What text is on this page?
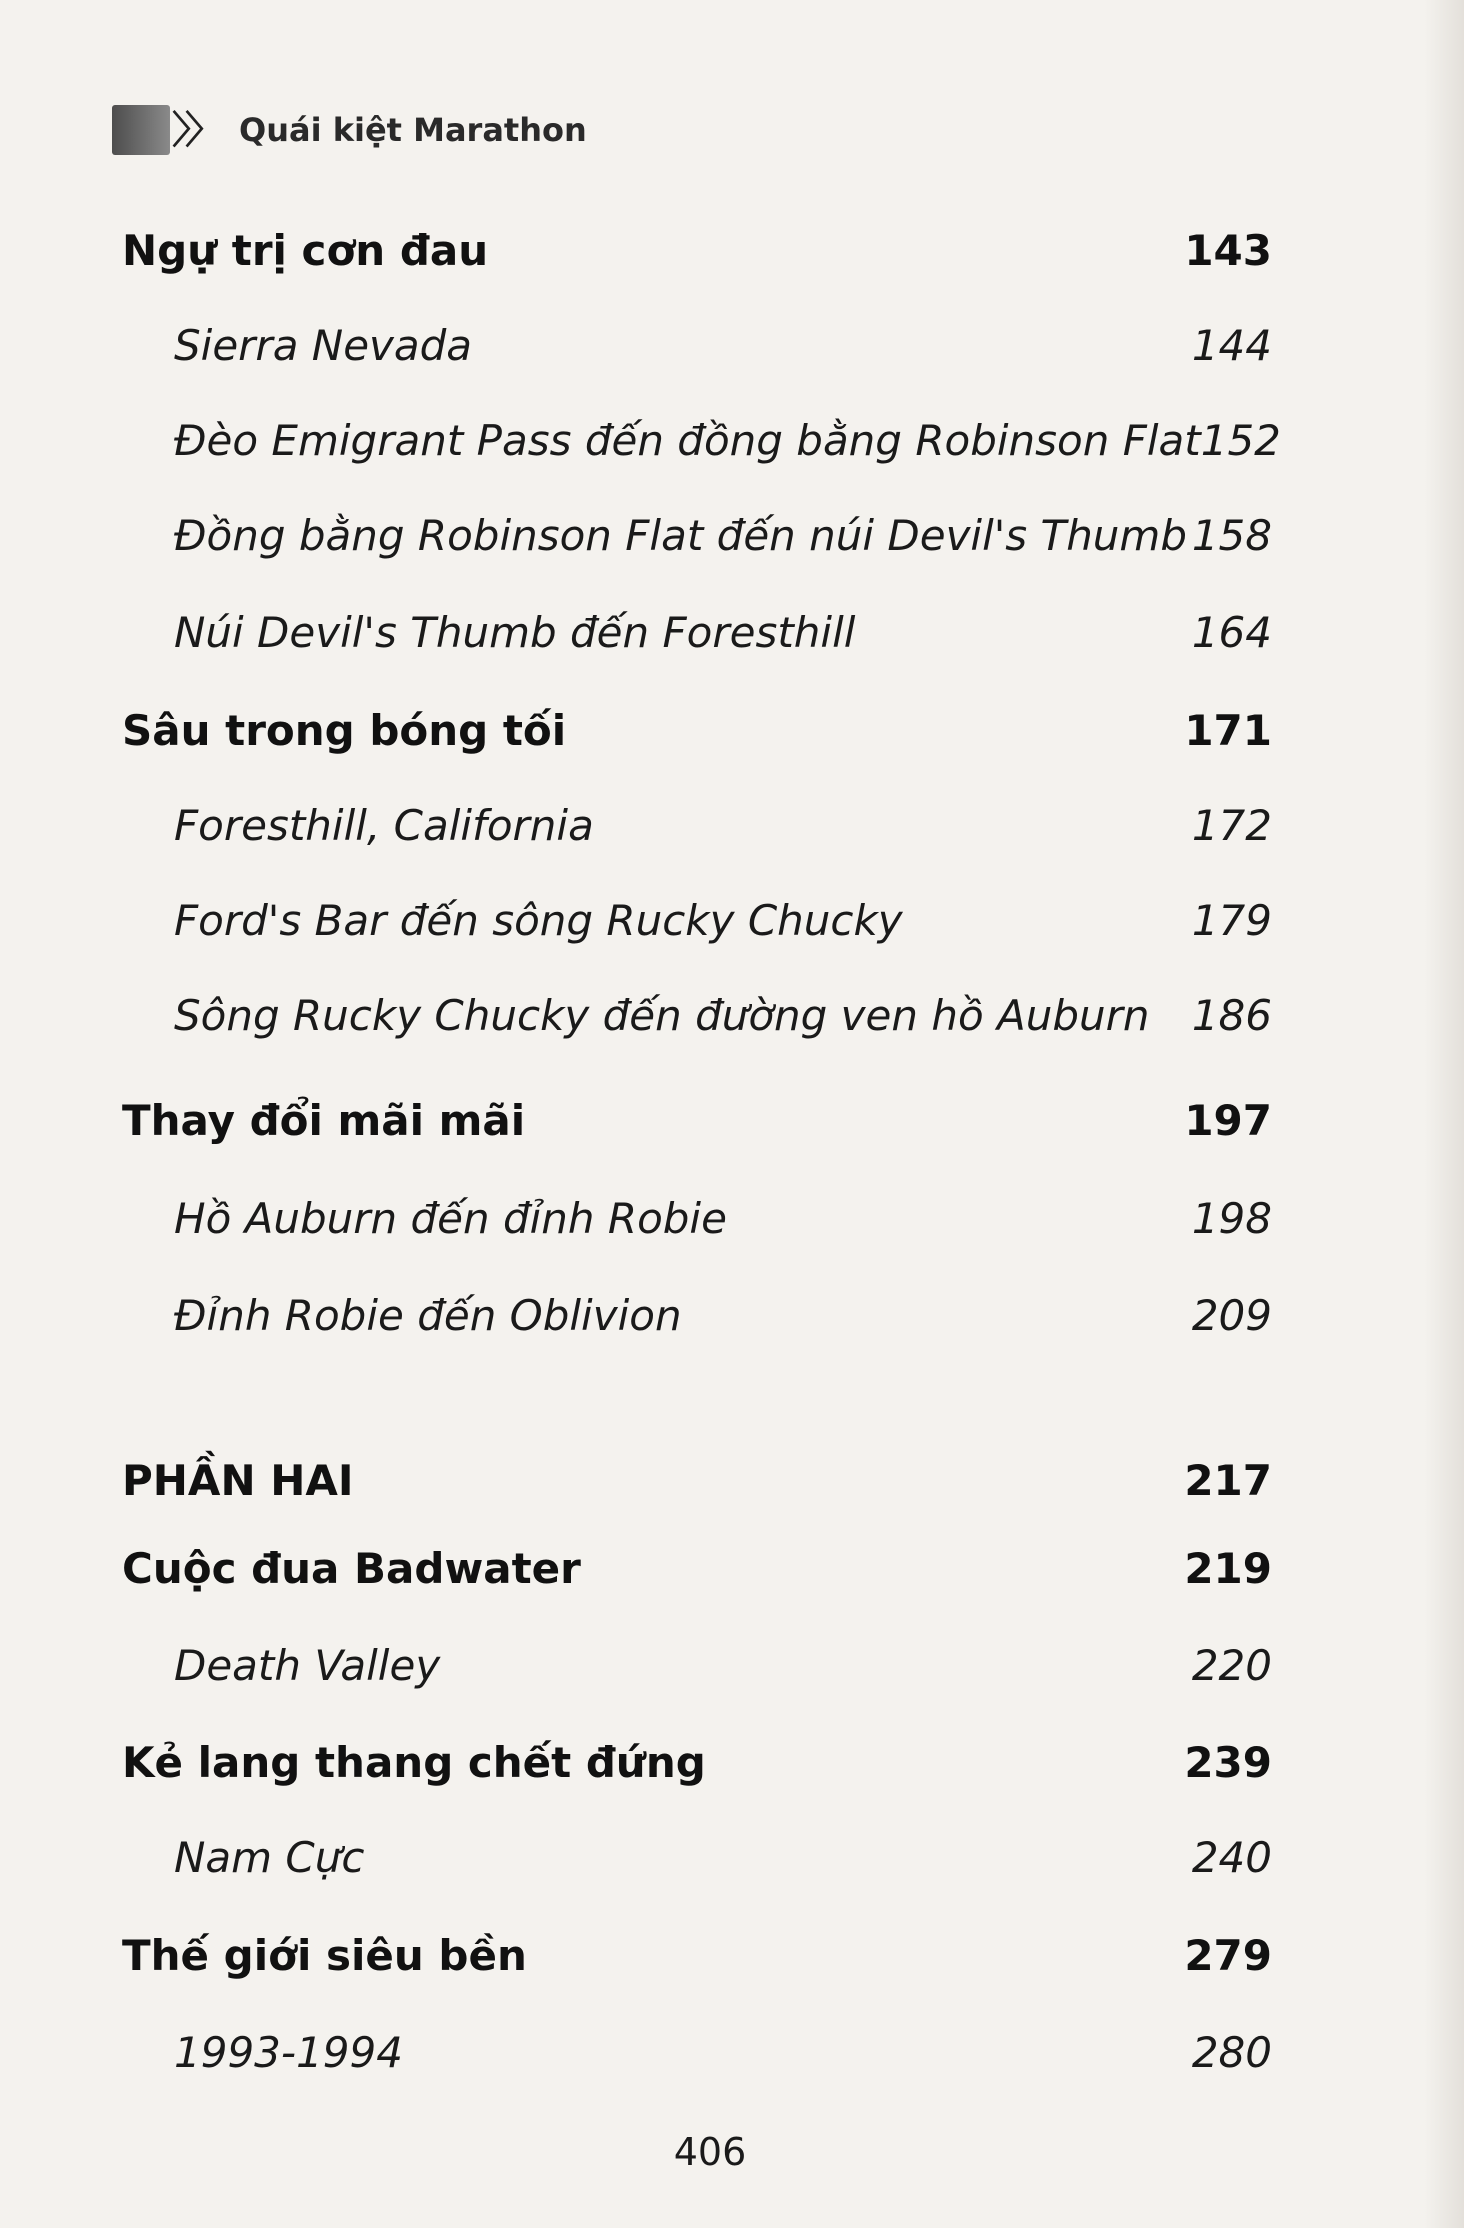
〉〉 Quái kiệt Marathon
Ngự trị cơn đau	143
Sierra Nevada	144
Đèo Emigrant Pass đến đồng bằng Robinson Flat 152
Đồng bằng Robinson Flat đến núi Devil's Thumb 158
Núi Devil's Thumb đến Foresthill	164
Sâu trong bóng tối	171
Foresthill, California	172
Ford's Bar đến sông Rucky Chucky	179
Sông Rucky Chucky đến đường ven hồ Auburn 186
Thay đổi mãi mãi	197
Hồ Auburn đến đỉnh Robie	198
Đỉnh Robie đến Oblivion	209
PHẦN HAI	217
Cuộc đua Badwater	219
Death Valley	220
Kẻ lang thang chết đứng	239
Nam Cực	240
Thế giới siêu bền	279
1993-1994	280
406
